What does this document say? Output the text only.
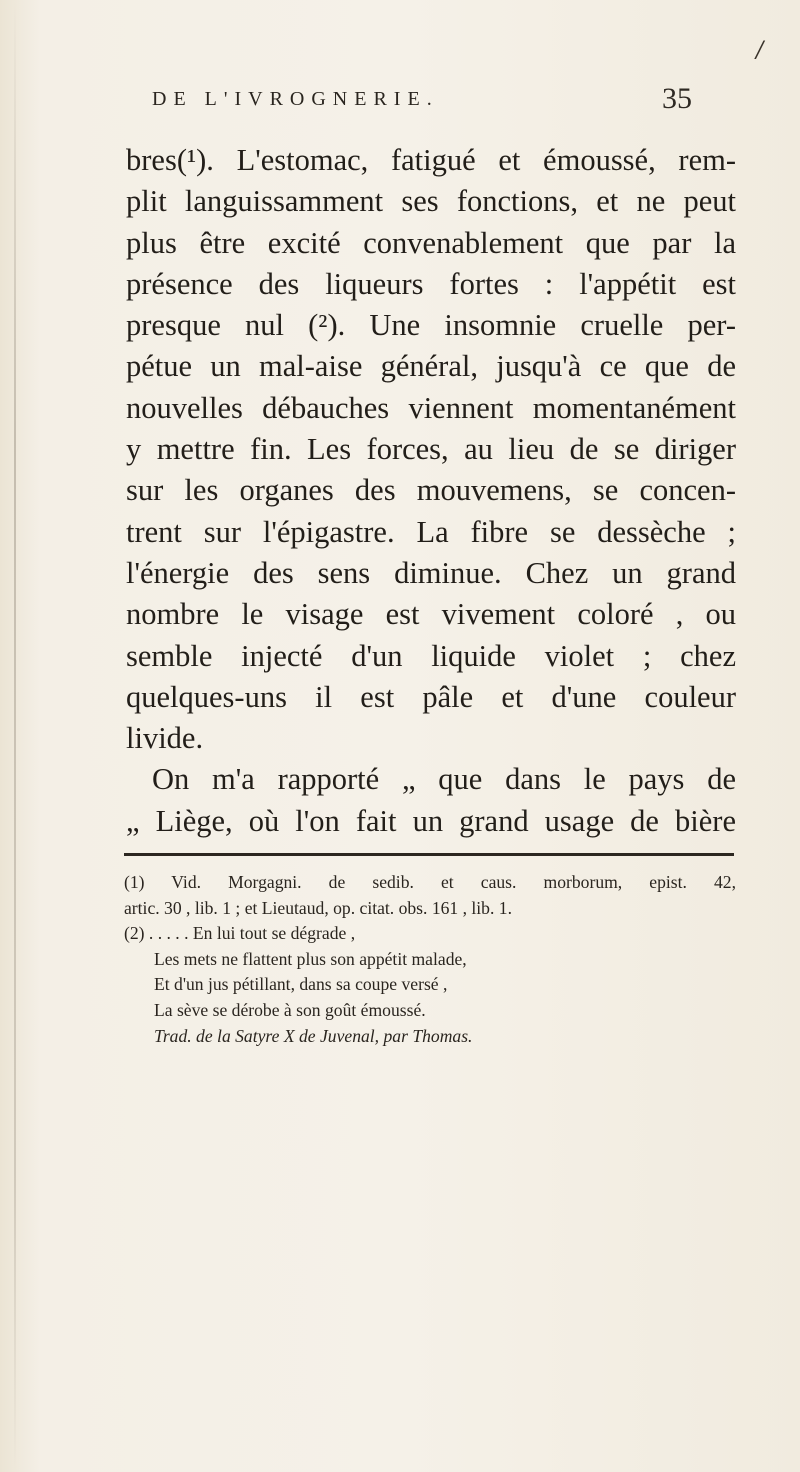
/
DE L'IVROGNERIE.	35
bres(¹). L'estomac, fatigué et émoussé, rem-
plit languissamment ses fonctions, et ne peut
plus être excité convenablement que par la
présence des liqueurs fortes : l'appétit est
presque nul (²). Une insomnie cruelle per-
pétue un mal-aise général, jusqu'à ce que de
nouvelles débauches viennent momentanément
y mettre fin. Les forces, au lieu de se diriger
sur les organes des mouvemens, se concen-
trent sur l'épigastre. La fibre se dessèche ;
l'énergie des sens diminue. Chez un grand
nombre le visage est vivement coloré , ou
semble injecté d'un liquide violet ; chez
quelques-uns il est pâle et d'une couleur
livide.
On m'a rapporté „ que dans le pays de
„ Liège, où l'on fait un grand usage de bière
(1) Vid. Morgagni. de sedib. et caus. morborum, epist. 42,
artic. 30 , lib. 1 ; et Lieutaud, op. citat. obs. 161 , lib. 1.
(2) . . . . . En lui tout se dégrade ,
Les mets ne flattent plus son appétit malade,
Et d'un jus pétillant, dans sa coupe versé ,
La sève se dérobe à son goût émoussé.
Trad. de la Satyre X de Juvenal, par Thomas.
